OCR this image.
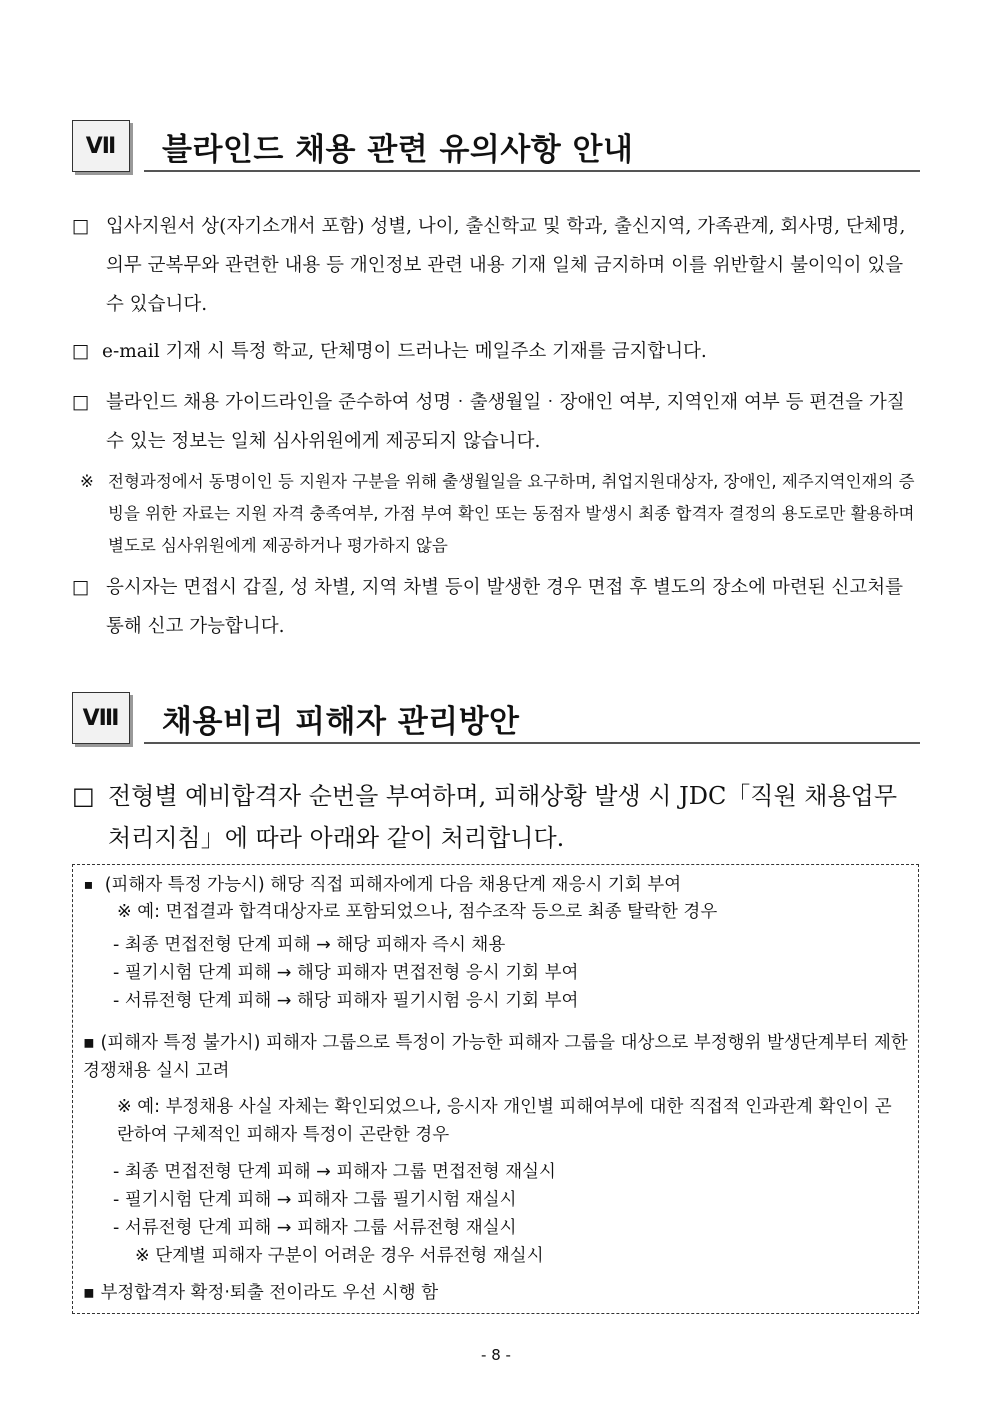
Ⅶ	블라인드 채용 관련 유의사항 안내
□ 입사지원서 상(자기소개서 포함) 성별, 나이, 출신학교 및 학과, 출신지역, 가족관계, 회사명, 단체명, 의무 군복무와 관련한 내용 등 개인정보 관련 내용 기재 일체 금지하며 이를 위반할시 불이익이 있을 수 있습니다.
□ e-mail 기재 시 특정 학교, 단체명이 드러나는 메일주소 기재를 금지합니다.
□ 블라인드 채용 가이드라인을 준수하여 성명‧출생월일‧장애인 여부, 지역인재 여부 등 편견을 가질 수 있는 정보는 일체 심사위원에게 제공되지 않습니다.
※ 전형과정에서 동명이인 등 지원자 구분을 위해 출생월일을 요구하며, 취업지원대상자, 장애인, 제주지역인재의 증빙을 위한 자료는 지원 자격 충족여부, 가점 부여 확인 또는 동점자 발생시 최종 합격자 결정의 용도로만 활용하며 별도로 심사위원에게 제공하거나 평가하지 않음
□ 응시자는 면접시 갑질, 성 차별, 지역 차별 등이 발생한 경우 면접 후 별도의 장소에 마련된 신고처를 통해 신고 가능합니다.
Ⅷ	채용비리 피해자 관리방안
□ 전형별 예비합격자 순번을 부여하며, 피해상황 발생 시 JDC「직원 채용업무 처리지침」에 따라 아래와 같이 처리합니다.
▪ (피해자 특정 가능시) 해당 직접 피해자에게 다음 채용단계 재응시 기회 부여
※ 예: 면접결과 합격대상자로 포함되었으나, 점수조작 등으로 최종 탈락한 경우
- 최종 면접전형 단계 피해 → 해당 피해자 즉시 채용
- 필기시험 단계 피해 → 해당 피해자 면접전형 응시 기회 부여
- 서류전형 단계 피해 → 해당 피해자 필기시험 응시 기회 부여
▪ (피해자 특정 불가시) 피해자 그룹으로 특정이 가능한 피해자 그룹을 대상으로 부정행위 발생단계부터 제한경쟁채용 실시 고려
※ 예: 부정채용 사실 자체는 확인되었으나, 응시자 개인별 피해여부에 대한 직접적 인과관계 확인이 곤란하여 구체적인 피해자 특정이 곤란한 경우
- 최종 면접전형 단계 피해 → 피해자 그룹 면접전형 재실시
- 필기시험 단계 피해 → 피해자 그룹 필기시험 재실시
- 서류전형 단계 피해 → 피해자 그룹 서류전형 재실시
※ 단계별 피해자 구분이 어려운 경우 서류전형 재실시
▪ 부정합격자 확정‧퇴출 전이라도 우선 시행 함
- 8 -
